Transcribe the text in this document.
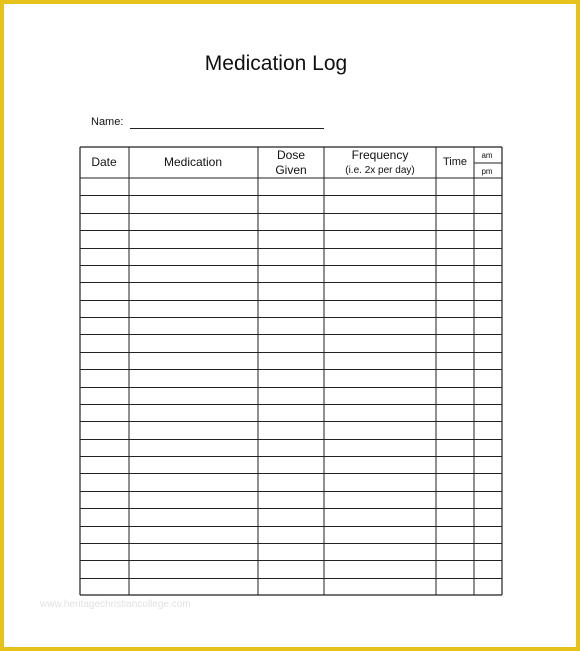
Medication Log
Name:
Date	Medication	Dose
Given
Frequency
(i.e. 2x per day)
Time
am
pm
www.heritagechristiancollege.com
